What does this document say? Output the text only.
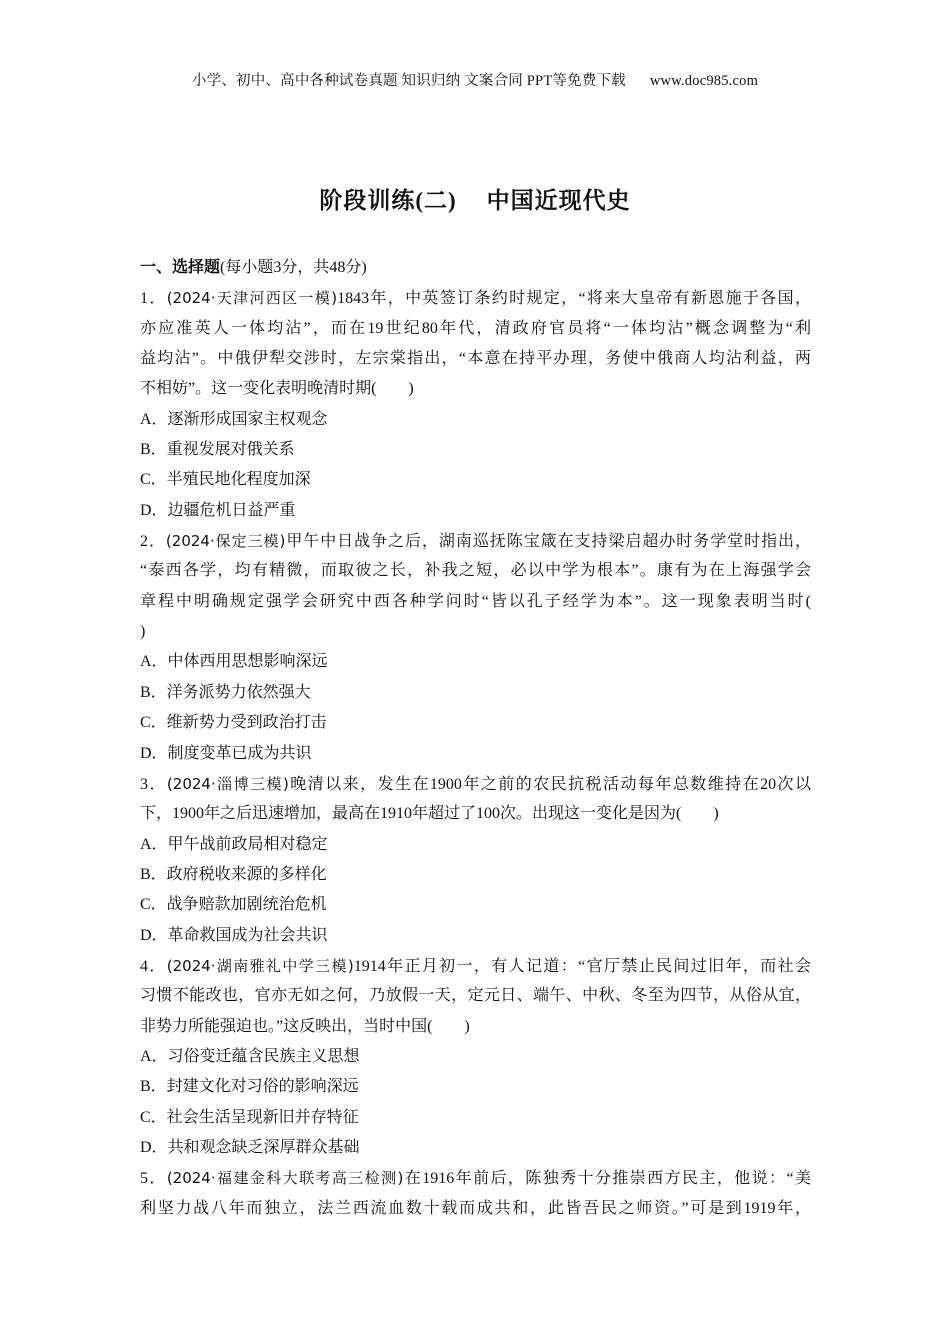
小学、初中、高中各种试卷真题 知识归纳 文案合同 PPT等免费下载 www.doc985.com
阶段训练(二) 中国近现代史
一、选择题(每小题3分，共48分)
1．(2024·天津河西区一模)1843年，中英签订条约时规定，“将来大皇帝有新恩施于各国，
亦应准英人一体均沾”，而在19世纪80年代，清政府官员将“一体均沾”概念调整为“利
益均沾”。中俄伊犁交涉时，左宗棠指出，“本意在持平办理，务使中俄商人均沾利益，两
不相妨”。这一变化表明晚清时期(　　)
A．逐渐形成国家主权观念
B．重视发展对俄关系
C．半殖民地化程度加深
D．边疆危机日益严重
2．(2024·保定三模)甲午中日战争之后，湖南巡抚陈宝箴在支持梁启超办时务学堂时指出，
“泰西各学，均有精微，而取彼之长，补我之短，必以中学为根本”。康有为在上海强学会
章程中明确规定强学会研究中西各种学问时“皆以孔子经学为本”。这一现象表明当时(
)
A．中体西用思想影响深远
B．洋务派势力依然强大
C．维新势力受到政治打击
D．制度变革已成为共识
3．(2024·淄博三模)晚清以来，发生在1900年之前的农民抗税活动每年总数维持在20次以
下，1900年之后迅速增加，最高在1910年超过了100次。出现这一变化是因为(　　)
A．甲午战前政局相对稳定
B．政府税收来源的多样化
C．战争赔款加剧统治危机
D．革命救国成为社会共识
4．(2024·湖南雅礼中学三模)1914年正月初一，有人记道：“官厅禁止民间过旧年，而社会
习惯不能改也，官亦无如之何，乃放假一天，定元日、端午、中秋、冬至为四节，从俗从宜，
非势力所能强迫也。”这反映出，当时中国(　　)
A．习俗变迁蕴含民族主义思想
B．封建文化对习俗的影响深远
C．社会生活呈现新旧并存特征
D．共和观念缺乏深厚群众基础
5．(2024·福建金科大联考高三检测)在1916年前后，陈独秀十分推崇西方民主，他说：“美
利坚力战八年而独立，法兰西流血数十载而成共和，此皆吾民之师资。”可是到1919年，
